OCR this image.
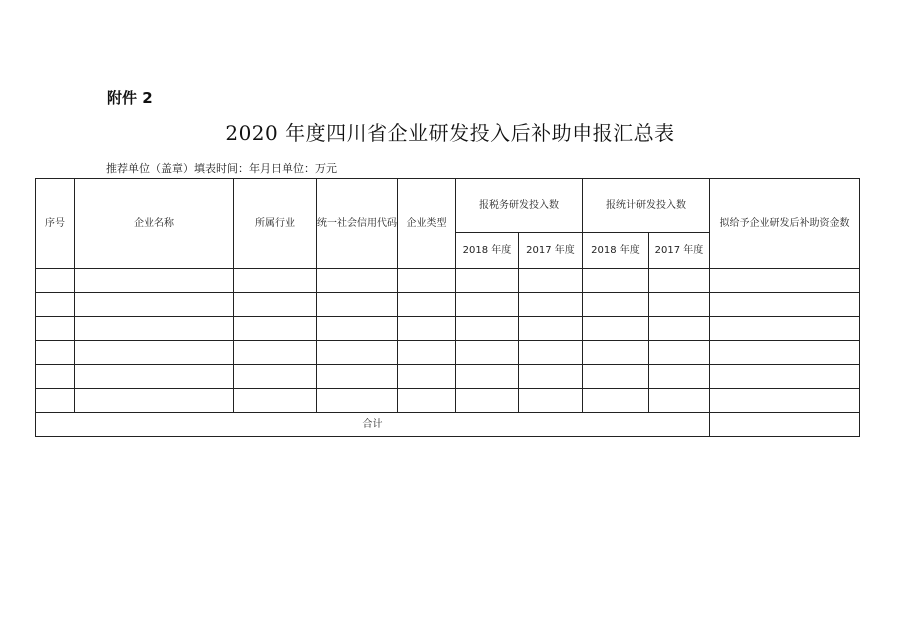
附件 2
2020 年度四川省企业研发投入后补助申报汇总表
推荐单位（盖章）填表时间：年月日单位：万元
序号	企业名称	所属行业	统一社会信用代码	企业类型	报税务研发投入数		报统计研发投入数		拟给予企业研发后补助资金数
					2018 年度	2017 年度	2018 年度	2017 年度	

合计									
